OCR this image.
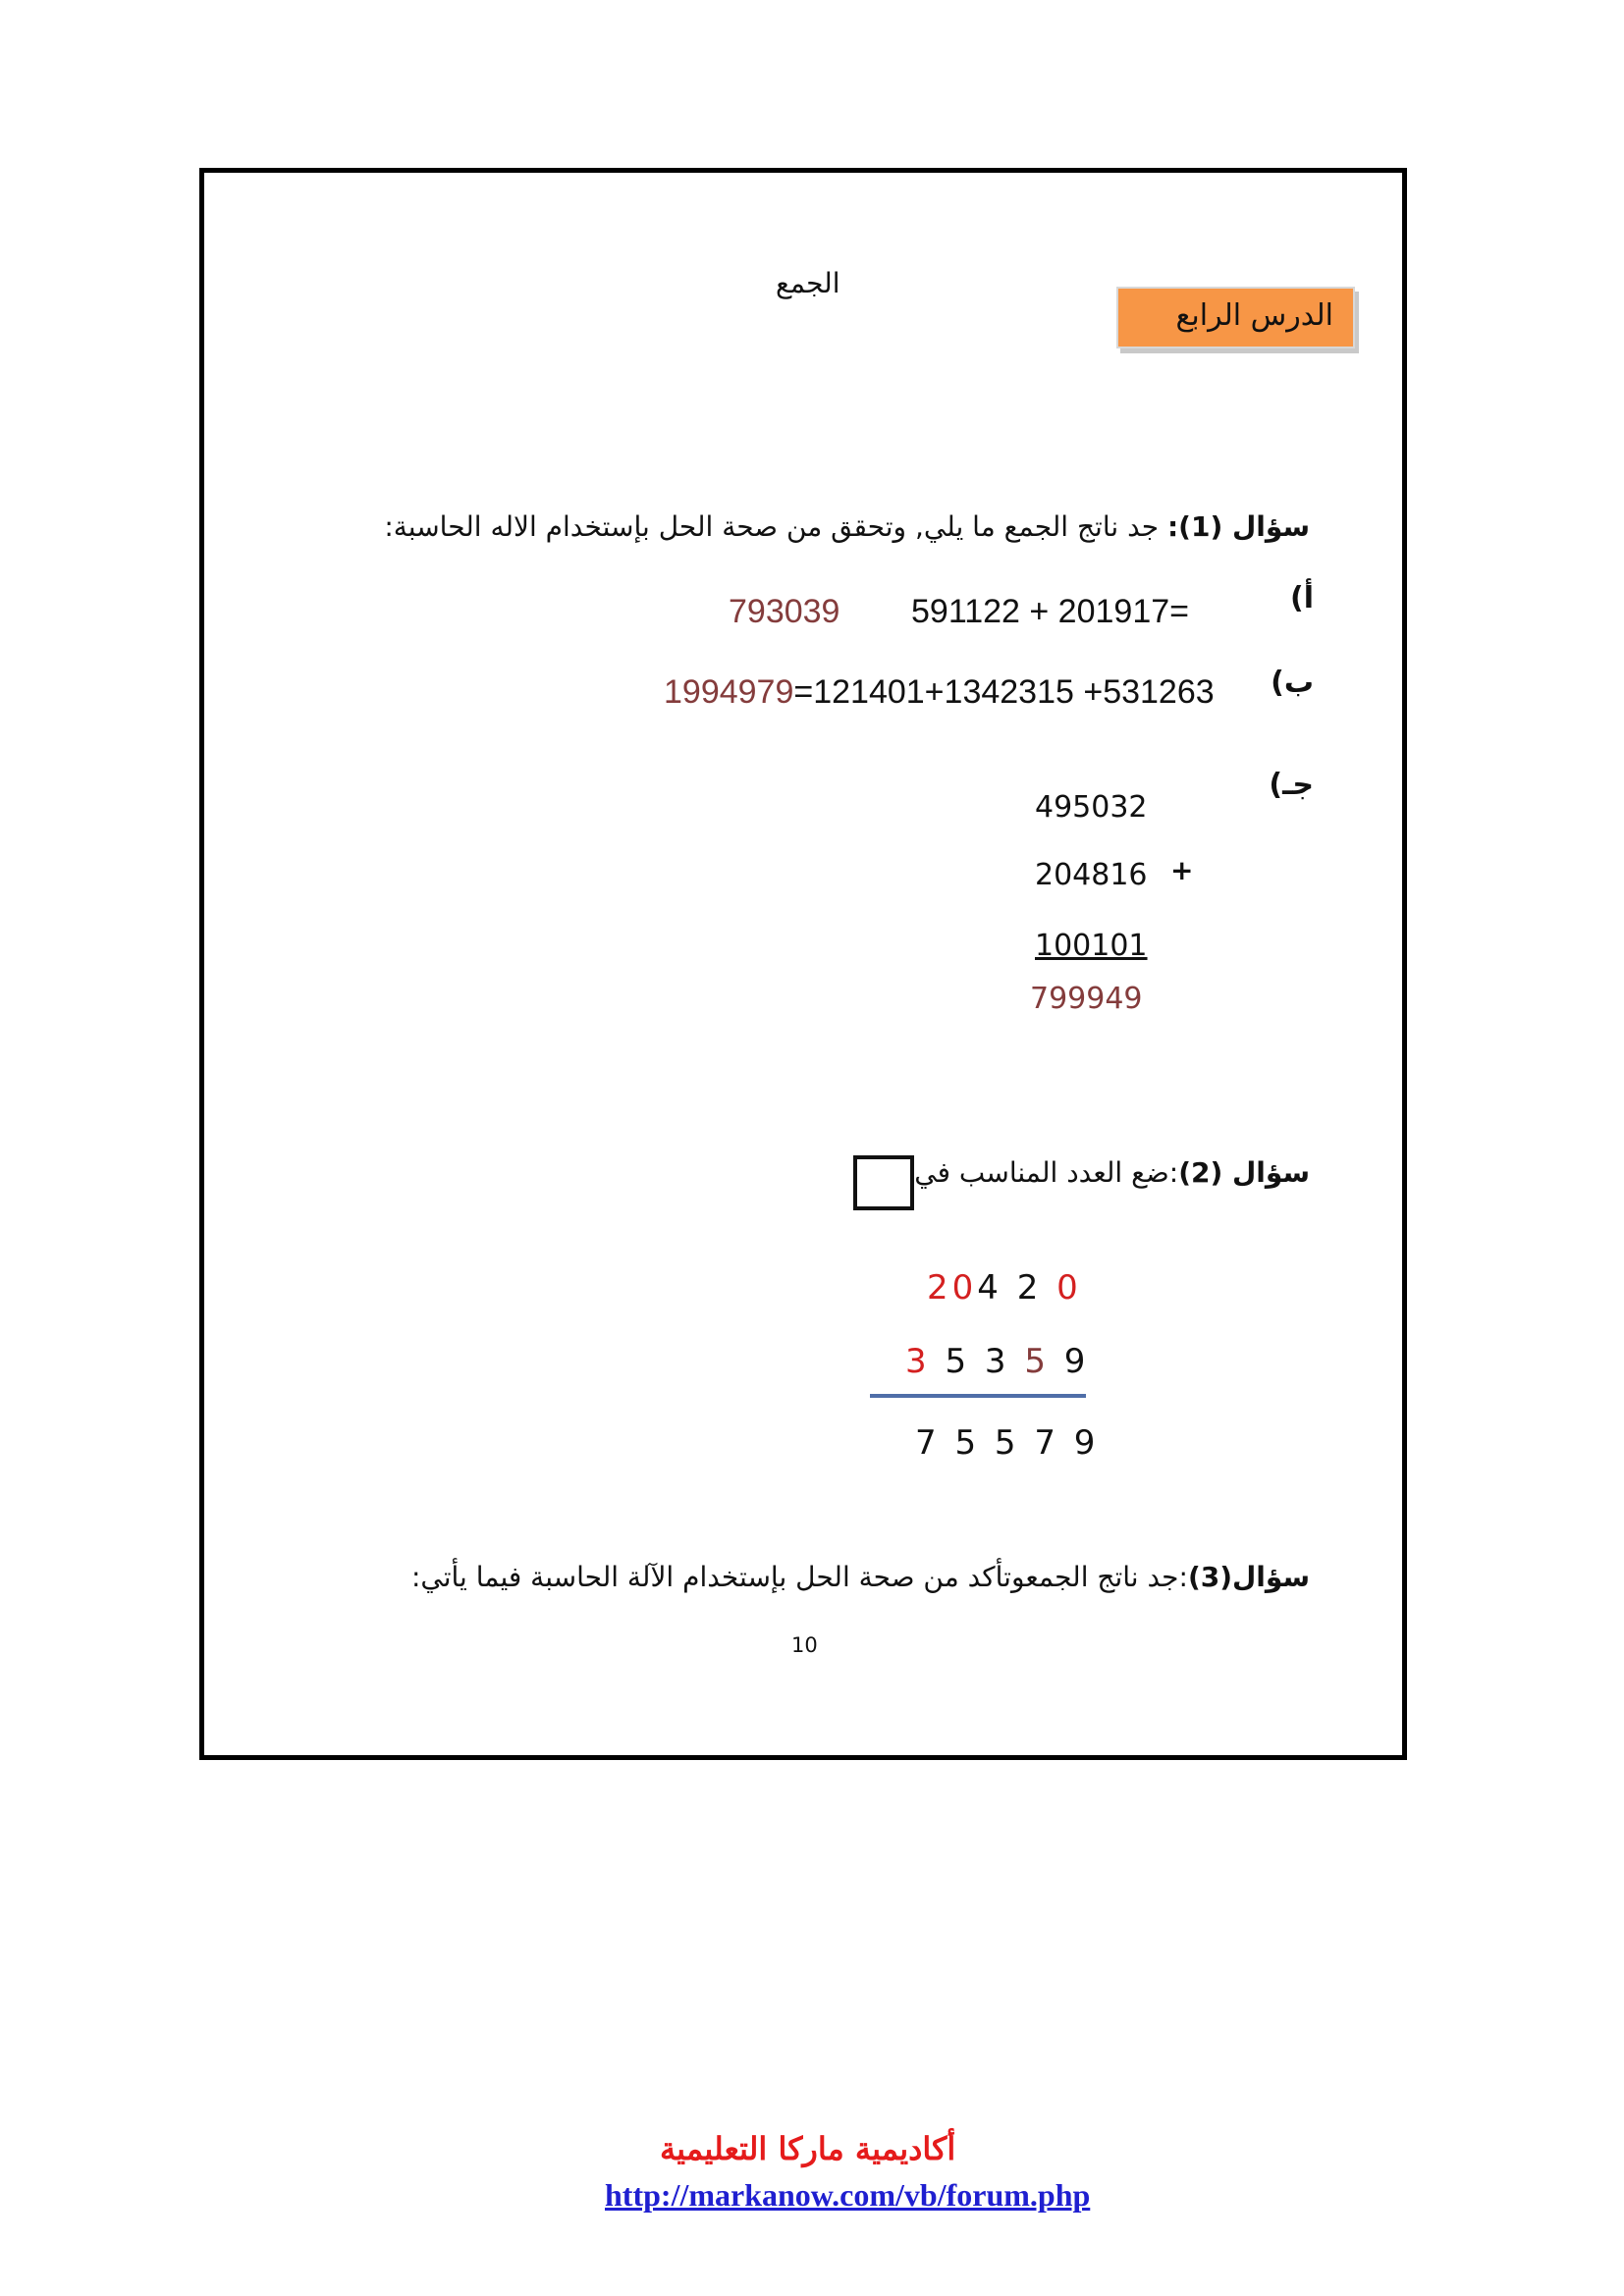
الجمع
الدرس الرابع
سؤال (1): جد ناتج الجمع ما يلي, وتحقق من صحة الحل بإستخدام الاله الحاسبة:
أ)
591122 + 201917=
793039
ب)
1994979=121401+1342315 +531263
جـ)
495032
204816 +
100101
799949
سؤال (2):ضع العدد المناسب في
204 2 0
3 5 3 5 9
7 5 5 7 9
سؤال(3):جد ناتج الجمعوتأكد من صحة الحل بإستخدام الآلة الحاسبة فيما يأتي:
10
أكاديمية ماركا التعليمية
http://markanow.com/vb/forum.php
